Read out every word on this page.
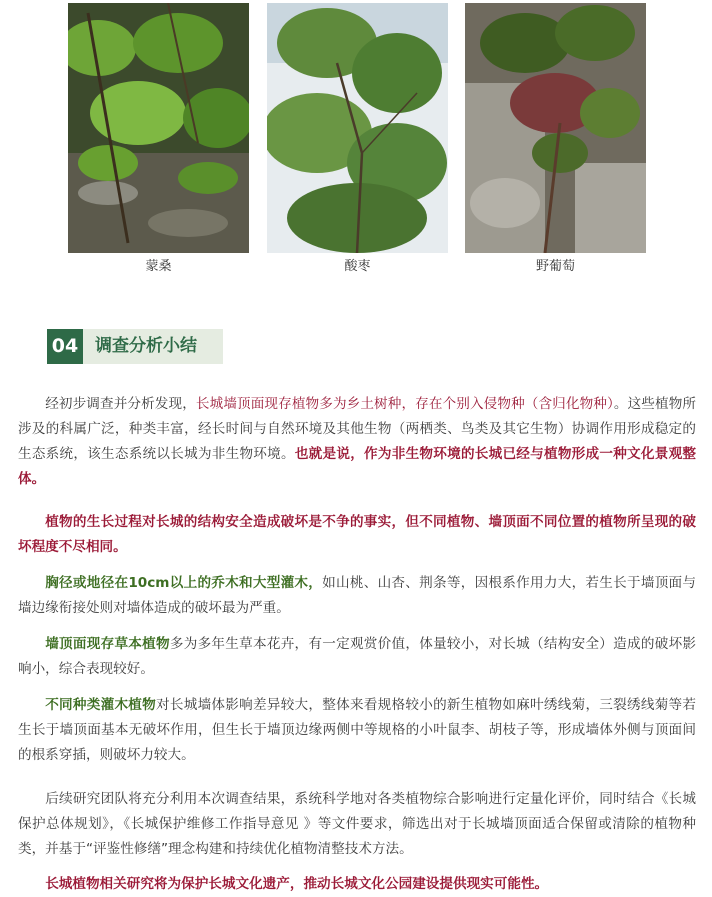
蒙桑	酸枣	野葡萄
04 调查分析小结

经初步调查并分析发现，长城墙顶面现存植物多为乡土树种，存在个别入侵物种（含归化物种）。这些植物所涉及的科属广泛，种类丰富，经长时间与自然环境及其他生物（两栖类、鸟类及其它生物）协调作用形成稳定的生态系统，该生态系统以长城为非生物环境。也就是说，作为非生物环境的长城已经与植物形成一种文化景观整体。

植物的生长过程对长城的结构安全造成破坏是不争的事实，但不同植物、墙顶面不同位置的植物所呈现的破坏程度不尽相同。

胸径或地径在10cm以上的乔木和大型灌木，如山桃、山杏、荆条等，因根系作用力大，若生长于墙顶面与墙边缘衔接处则对墙体造成的破坏最为严重。

墙顶面现存草本植物多为多年生草本花卉，有一定观赏价值，体量较小，对长城（结构安全）造成的破坏影响小，综合表现较好。

不同种类灌木植物对长城墙体影响差异较大，整体来看规格较小的新生植物如麻叶绣线菊，三裂绣线菊等若生长于墙顶面基本无破坏作用，但生长于墙顶边缘两侧中等规格的小叶鼠李、胡枝子等，形成墙体外侧与顶面间的根系穿插，则破坏力较大。

后续研究团队将充分利用本次调查结果，系统科学地对各类植物综合影响进行定量化评价，同时结合《长城保护总体规划》，《长城保护维修工作指导意见 》等文件要求，筛选出对于长城墙顶面适合保留或清除的植物种类，并基于“评鉴性修缮”理念构建和持续优化植物清整技术方法。

长城植物相关研究将为保护长城文化遗产，推动长城文化公园建设提供现实可能性。
